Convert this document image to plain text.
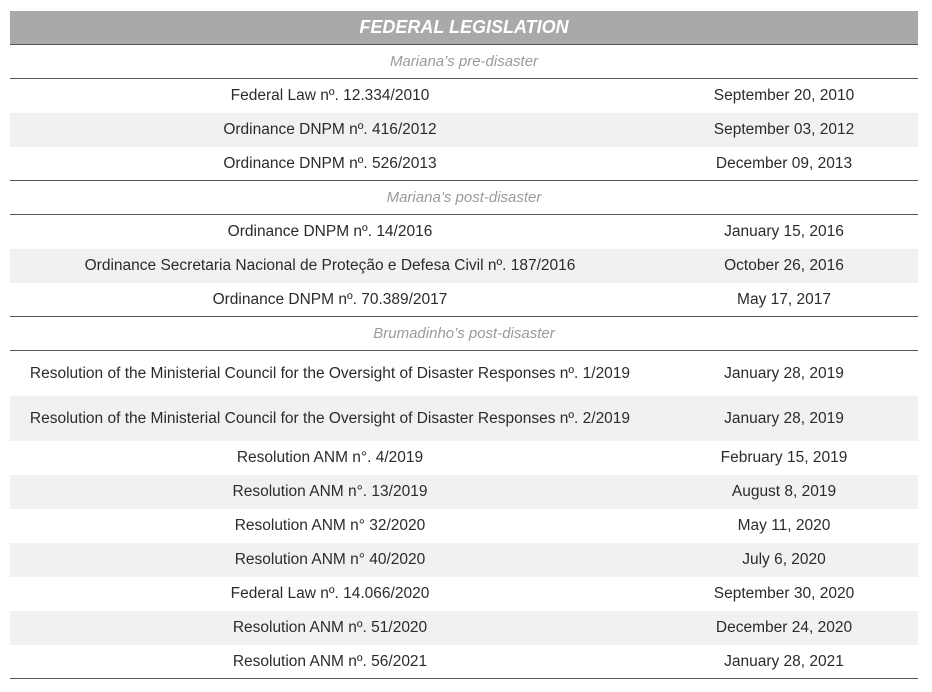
FEDERAL LEGISLATION
Mariana’s pre-disaster
Federal Law nº. 12.334/2010	September 20, 2010
Ordinance DNPM nº. 416/2012	September 03, 2012
Ordinance DNPM nº. 526/2013	December 09, 2013
Mariana’s post-disaster
Ordinance DNPM nº. 14/2016	January 15, 2016
Ordinance Secretaria Nacional de Proteção e Defesa Civil nº. 187/2016	October 26, 2016
Ordinance DNPM nº. 70.389/2017	May 17, 2017
Brumadinho’s post-disaster
Resolution of the Ministerial Council for the Oversight of Disaster Responses nº. 1/2019	January 28, 2019
Resolution of the Ministerial Council for the Oversight of Disaster Responses nº. 2/2019	January 28, 2019
Resolution ANM n°. 4/2019	February 15, 2019
Resolution ANM n°. 13/2019	August 8, 2019
Resolution ANM n° 32/2020	May 11, 2020
Resolution ANM n° 40/2020	July 6, 2020
Federal Law nº. 14.066/2020	September 30, 2020
Resolution ANM nº. 51/2020	December 24, 2020
Resolution ANM nº. 56/2021	January 28, 2021
